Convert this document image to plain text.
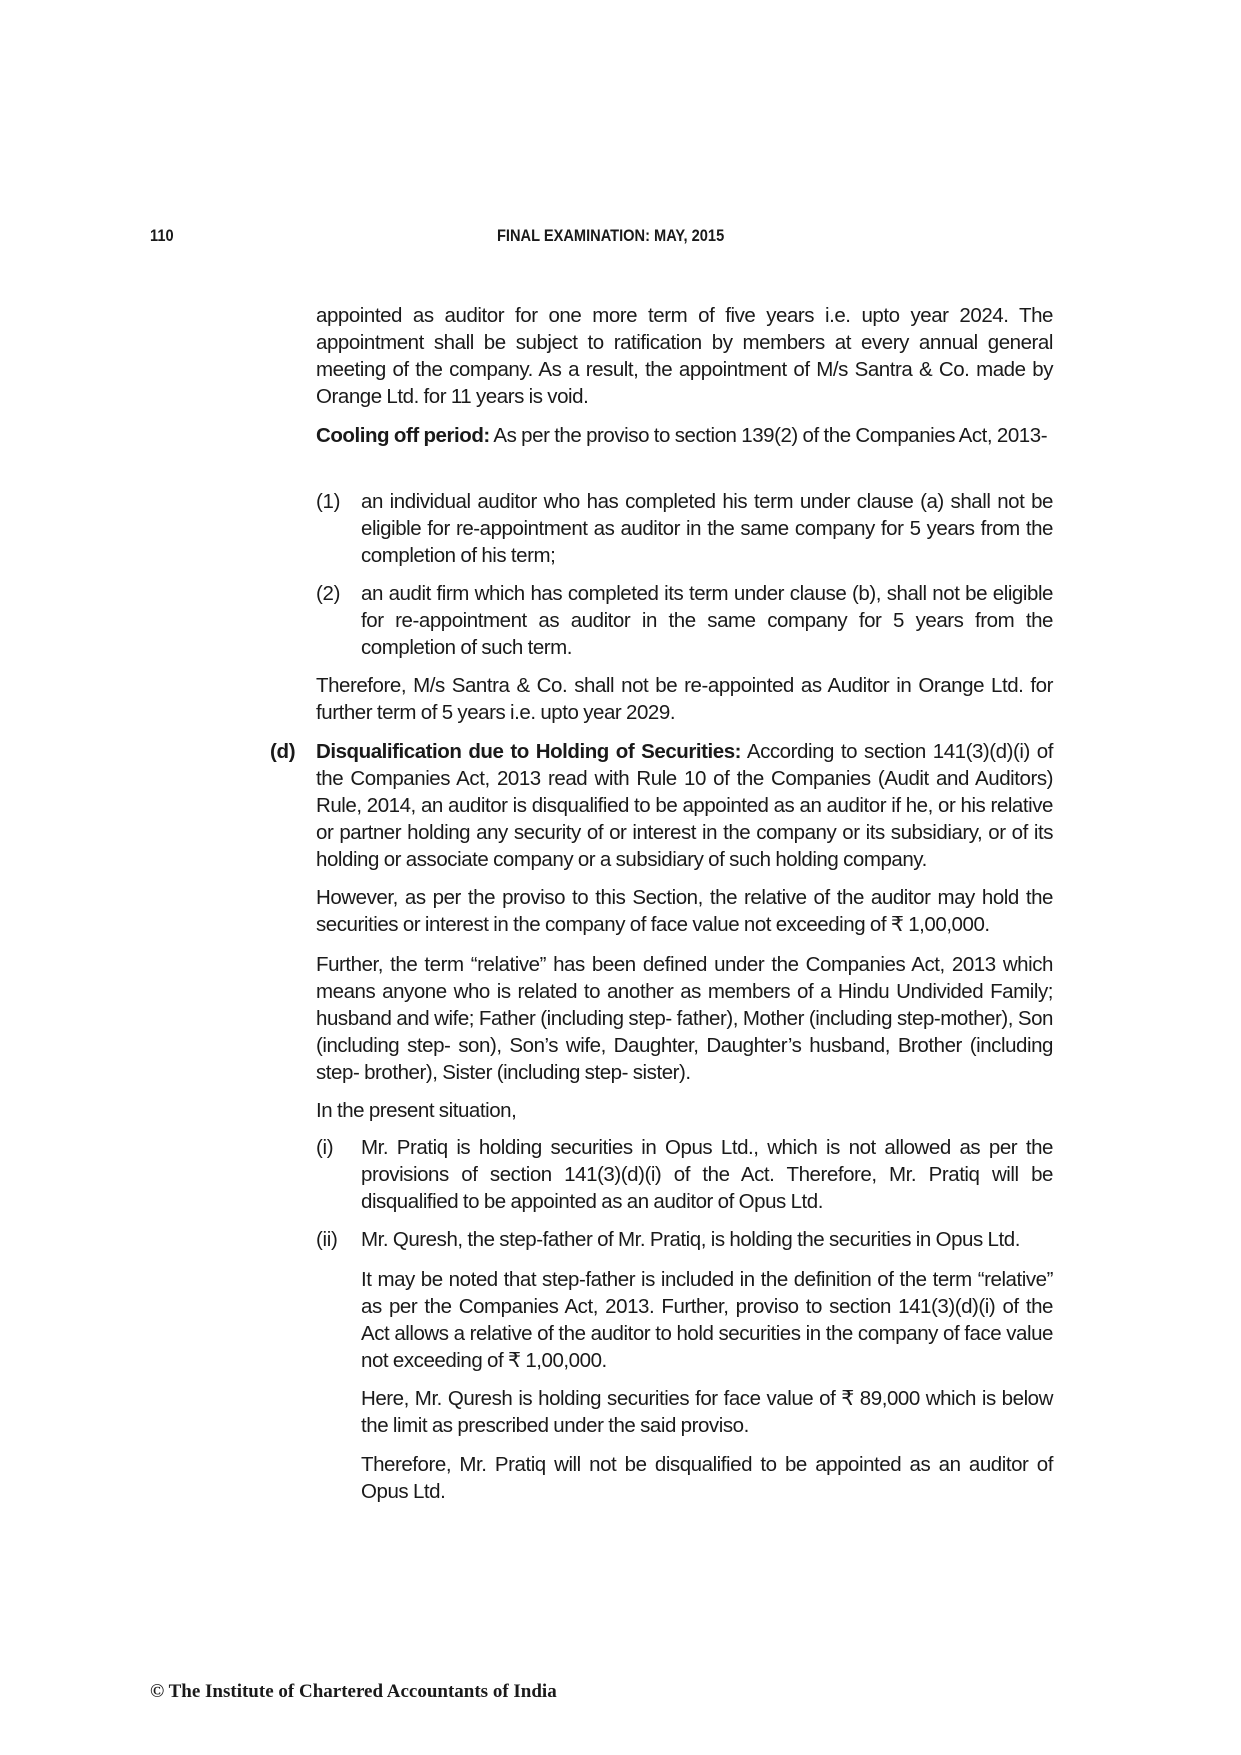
110	FINAL EXAMINATION: MAY, 2015

appointed as auditor for one more term of five years i.e. upto year 2024. The appointment shall be subject to ratification by members at every annual general meeting of the company. As a result, the appointment of M/s Santra & Co. made by Orange Ltd. for 11 years is void.

Cooling off period: As per the proviso to section 139(2) of the Companies Act, 2013-

(1) an individual auditor who has completed his term under clause (a) shall not be eligible for re-appointment as auditor in the same company for 5 years from the completion of his term;

(2) an audit firm which has completed its term under clause (b), shall not be eligible for re-appointment as auditor in the same company for 5 years from the completion of such term.

Therefore, M/s Santra & Co. shall not be re-appointed as Auditor in Orange Ltd. for further term of 5 years i.e. upto year 2029.

(d) Disqualification due to Holding of Securities: According to section 141(3)(d)(i) of the Companies Act, 2013 read with Rule 10 of the Companies (Audit and Auditors) Rule, 2014, an auditor is disqualified to be appointed as an auditor if he, or his relative or partner holding any security of or interest in the company or its subsidiary, or of its holding or associate company or a subsidiary of such holding company.

However, as per the proviso to this Section, the relative of the auditor may hold the securities or interest in the company of face value not exceeding of ₹ 1,00,000.

Further, the term “relative” has been defined under the Companies Act, 2013 which means anyone who is related to another as members of a Hindu Undivided Family; husband and wife; Father (including step- father), Mother (including step-mother), Son (including step- son), Son’s wife, Daughter, Daughter’s husband, Brother (including step- brother), Sister (including step- sister).

In the present situation,

(i) Mr. Pratiq is holding securities in Opus Ltd., which is not allowed as per the provisions of section 141(3)(d)(i) of the Act. Therefore, Mr. Pratiq will be disqualified to be appointed as an auditor of Opus Ltd.

(ii) Mr. Quresh, the step-father of Mr. Pratiq, is holding the securities in Opus Ltd.

It may be noted that step-father is included in the definition of the term “relative” as per the Companies Act, 2013. Further, proviso to section 141(3)(d)(i) of the Act allows a relative of the auditor to hold securities in the company of face value not exceeding of ₹ 1,00,000.

Here, Mr. Quresh is holding securities for face value of ₹ 89,000 which is below the limit as prescribed under the said proviso.

Therefore, Mr. Pratiq will not be disqualified to be appointed as an auditor of Opus Ltd.

© The Institute of Chartered Accountants of India
